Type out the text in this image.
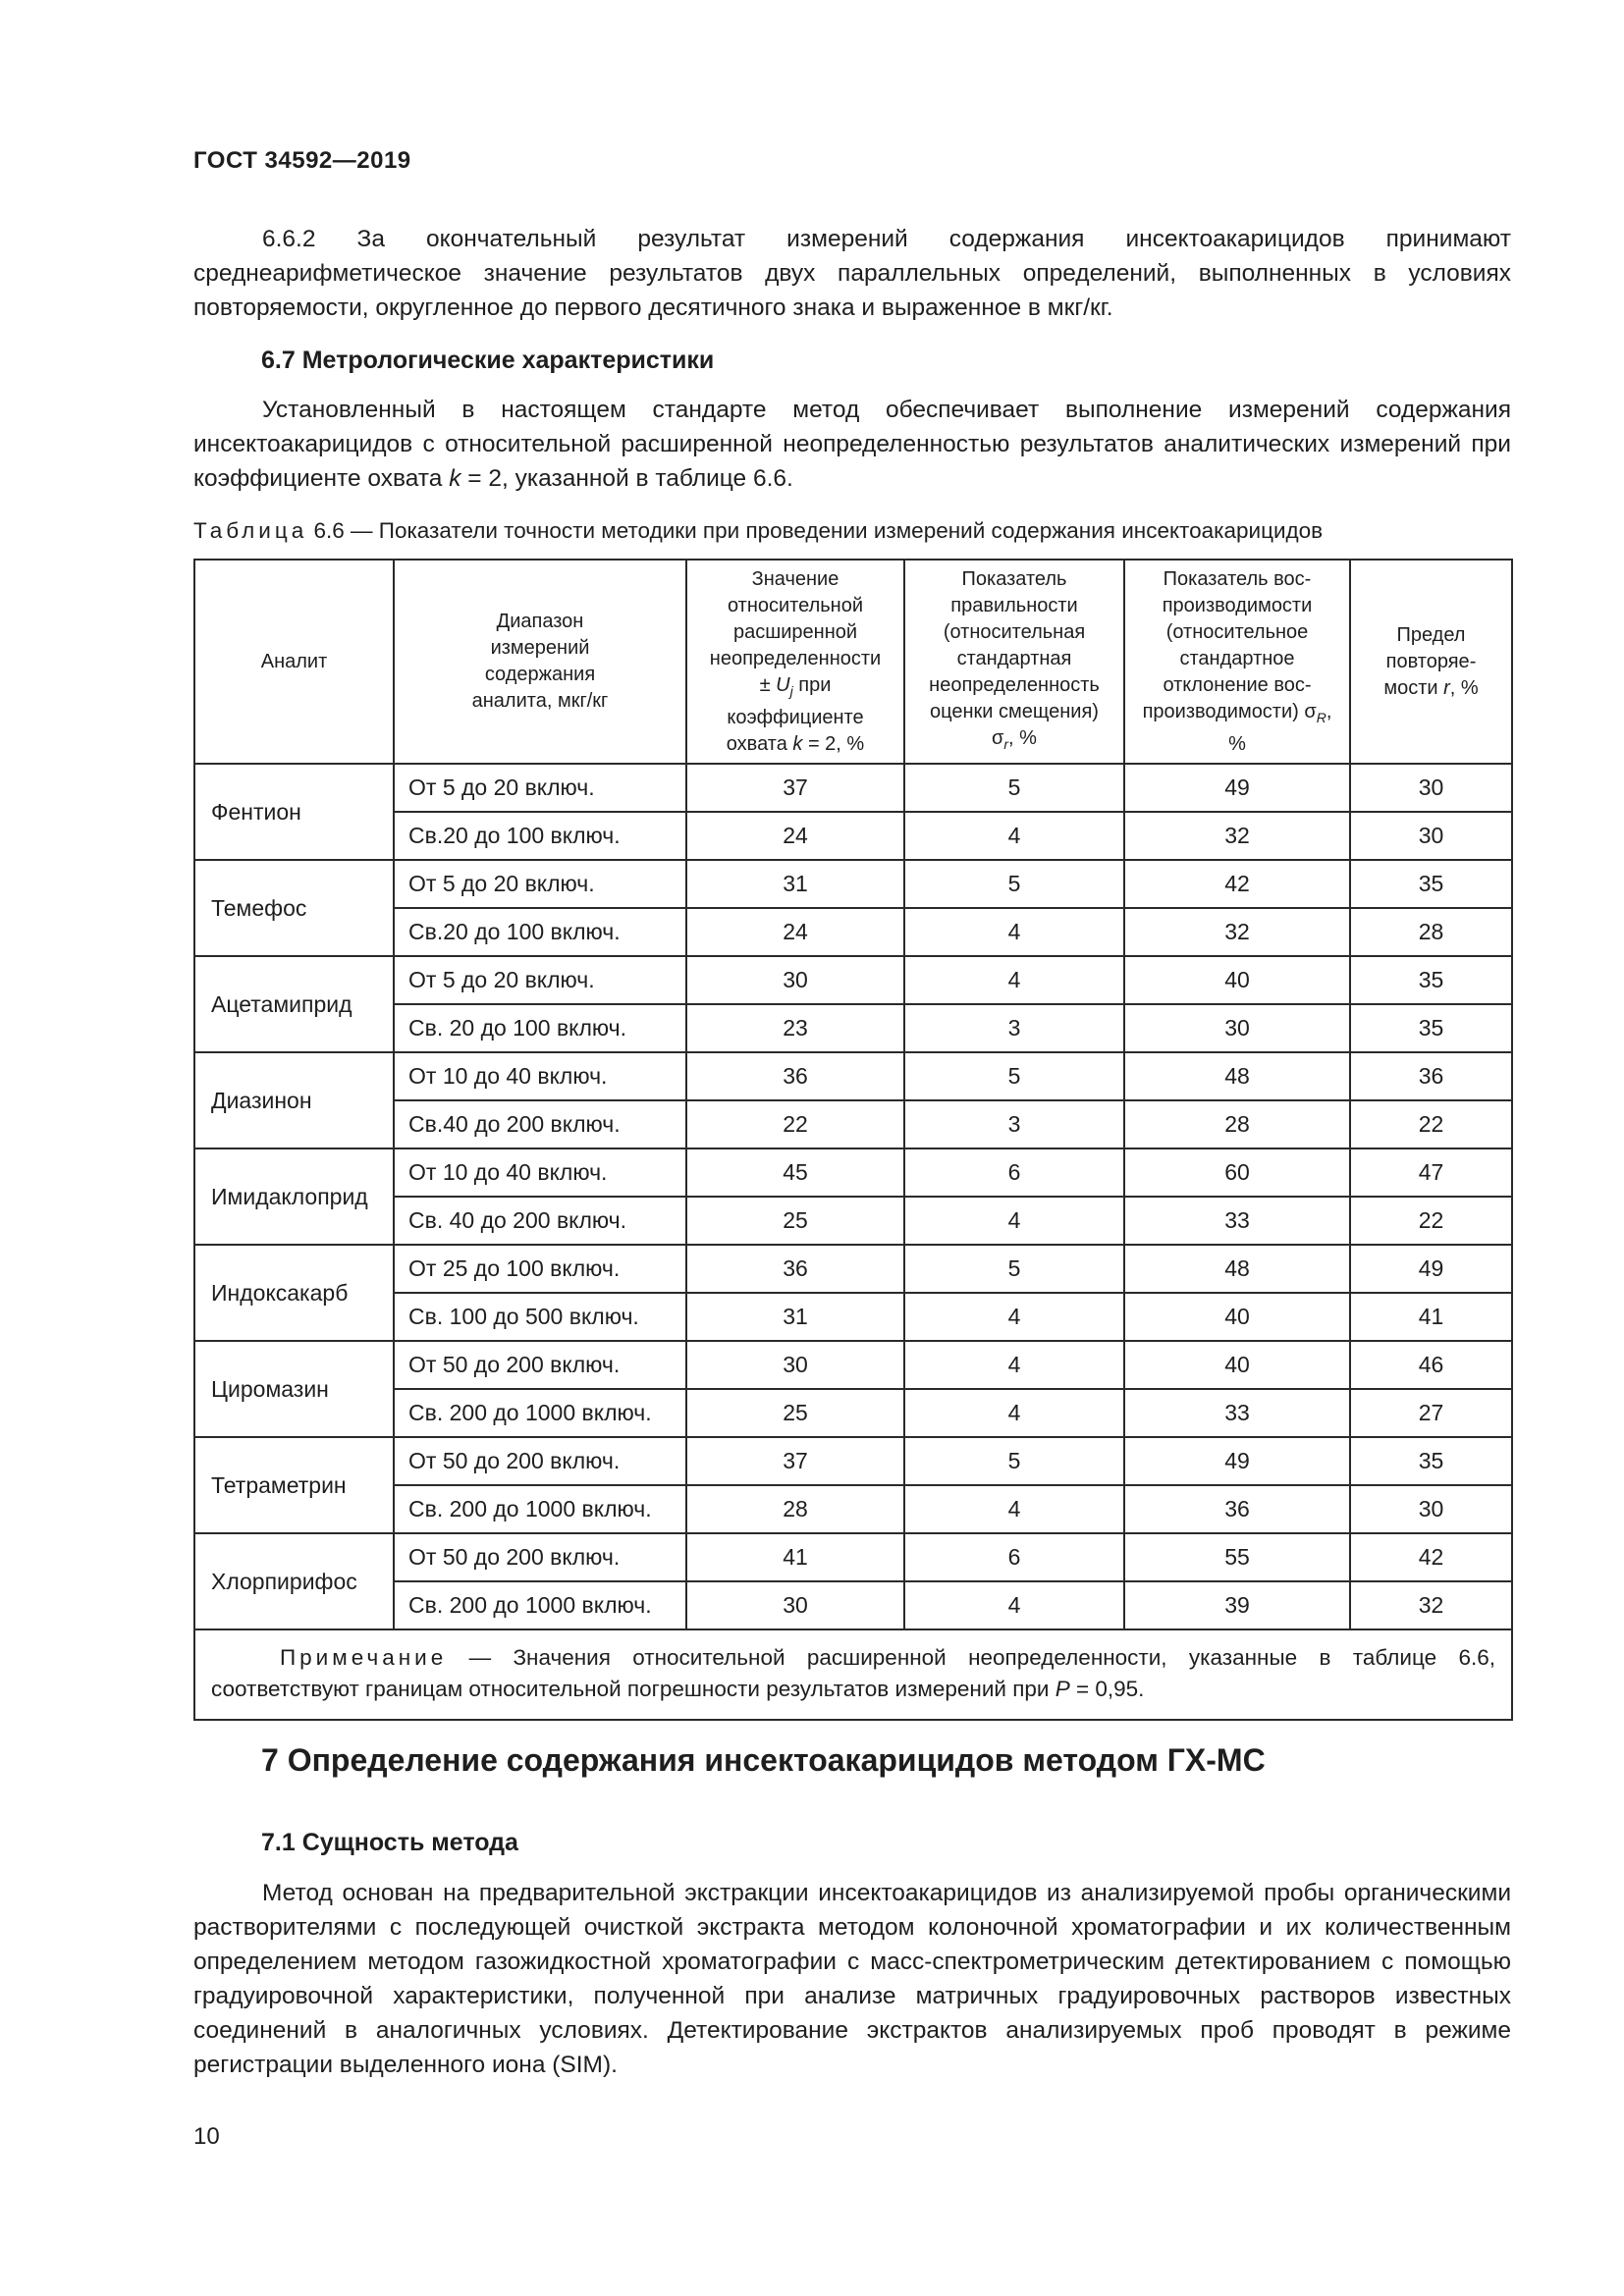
ГОСТ 34592—2019

6.6.2 За окончательный результат измерений содержания инсектоакарицидов принимают среднеарифметическое значение результатов двух параллельных определений, выполненных в условиях повторяемости, округленное до первого десятичного знака и выраженное в мкг/кг.

6.7 Метрологические характеристики

Установленный в настоящем стандарте метод обеспечивает выполнение измерений содержания инсектоакарицидов с относительной расширенной неопределенностью результатов аналитических измерений при коэффициенте охвата k = 2, указанной в таблице 6.6.

Таблица 6.6 — Показатели точности методики при проведении измерений содержания инсектоакарицидов
Аналит	Диапазон измерений содержания аналита, мкг/кг	Значение относительной расширенной неопределенности ± $U_j$ при коэффициенте охвата k = 2, %	Показатель правильности (относительная стандартная неопределенность оценки смещения) $\sigma_r$, %	Показатель воспроизводимости (относительное стандартное отклонение воспроизводимости) $\sigma_R$, %	Предел повторяемости r, %
Фентион	От 5 до 20 включ.	37	5	49	30
	Св.20 до 100 включ.	24	4	32	30
Темефос	От 5 до 20 включ.	31	5	42	35
	Св.20 до 100 включ.	24	4	32	28
Ацетамиприд	От 5 до 20 включ.	30	4	40	35
	Св. 20 до 100 включ.	23	3	30	35
Диазинон	От 10 до 40 включ.	36	5	48	36
	Св.40 до 200 включ.	22	3	28	22
Имидаклоприд	От 10 до 40 включ.	45	6	60	47
	Св. 40 до 200 включ.	25	4	33	22
Индоксакарб	От 25 до 100 включ.	36	5	48	49
	Св. 100 до 500 включ.	31	4	40	41
Циромазин	От 50 до 200 включ.	30	4	40	46
	Св. 200 до 1000 включ.	25	4	33	27
Тетраметрин	От 50 до 200 включ.	37	5	49	35
	Св. 200 до 1000 включ.	28	4	36	30
Хлорпирифос	От 50 до 200 включ.	41	6	55	42
	Св. 200 до 1000 включ.	30	4	39	32
Примечание — Значения относительной расширенной неопределенности, указанные в таблице 6.6, соответствуют границам относительной погрешности результатов измерений при P = 0,95.					
7 Определение содержания инсектоакарицидов методом ГХ-МС
7.1 Сущность метода

Метод основан на предварительной экстракции инсектоакарицидов из анализируемой пробы органическими растворителями с последующей очисткой экстракта методом колоночной хроматографии и их количественным определением методом газожидкостной хроматографии с масс-спектрометрическим детектированием с помощью градуировочной характеристики, полученной при анализе матричных градуировочных растворов известных соединений в аналогичных условиях. Детектирование экстрактов анализируемых проб проводят в режиме регистрации выделенного иона (SIM).

10
